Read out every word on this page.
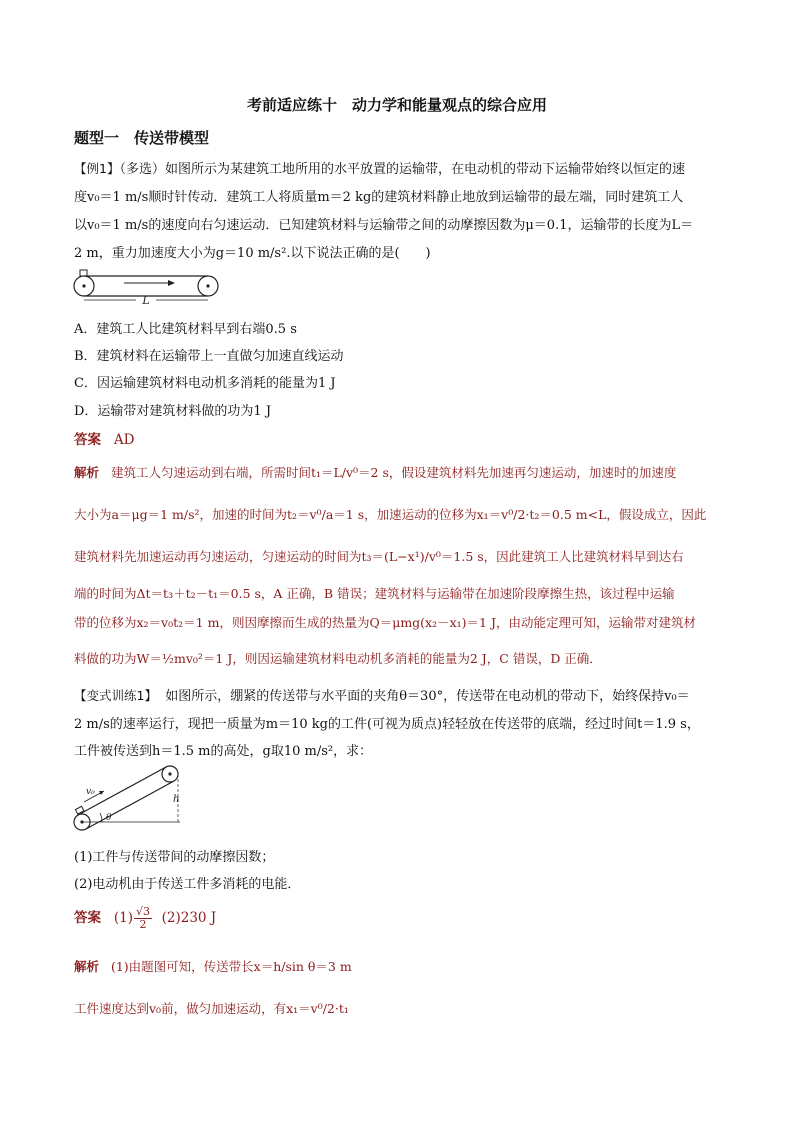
考前适应练十　动力学和能量观点的综合应用
题型一　传送带模型
【例1】（多选）如图所示为某建筑工地所用的水平放置的运输带，在电动机的带动下运输带始终以恒定的速
度v₀＝1 m/s顺时针传动．建筑工人将质量m＝2 kg的建筑材料静止地放到运输带的最左端，同时建筑工人
以v₀＝1 m/s的速度向右匀速运动．已知建筑材料与运输带之间的动摩擦因数为μ＝0.1，运输带的长度为L＝
2 m，重力加速度大小为g＝10 m/s².以下说法正确的是(　　)
L
A．建筑工人比建筑材料早到右端0.5 s
B．建筑材料在运输带上一直做匀加速直线运动
C．因运输建筑材料电动机多消耗的能量为1 J
D．运输带对建筑材料做的功为1 J
答案 AD
解析 建筑工人匀速运动到右端，所需时间t₁＝L/v⁰＝2 s，假设建筑材料先加速再匀速运动，加速时的加速度
大小为a＝μg＝1 m/s²，加速的时间为t₂＝v⁰/a＝1 s，加速运动的位移为x₁＝v⁰/2·t₂＝0.5 m<L，假设成立，因此
建筑材料先加速运动再匀速运动，匀速运动的时间为t₃＝(L−x¹)/v⁰＝1.5 s，因此建筑工人比建筑材料早到达右
端的时间为Δt＝t₃＋t₂－t₁＝0.5 s，A 正确，B 错误；建筑材料与运输带在加速阶段摩擦生热，该过程中运输
带的位移为x₂＝v₀t₂＝1 m，则因摩擦而生成的热量为Q＝μmg(x₂－x₁)＝1 J，由动能定理可知，运输带对建筑材
料做的功为W＝½mv₀²＝1 J，则因运输建筑材料电动机多消耗的能量为2 J，C 错误，D 正确．
【变式训练1】 如图所示，绷紧的传送带与水平面的夹角θ＝30°，传送带在电动机的带动下，始终保持v₀＝
2 m/s的速率运行，现把一质量为m＝10 kg的工件(可视为质点)轻轻放在传送带的底端，经过时间t＝1.9 s，
工件被传送到h＝1.5 m的高处，g取10 m/s²，求：
v₀
h
θ
(1)工件与传送带间的动摩擦因数；
(2)电动机由于传送工件多消耗的电能．
答案 $(1) \frac{√3}{2} (2)230$ J
解析 (1)由题图可知，传送带长x＝h/sin θ＝3 m
工件速度达到v₀前，做匀加速运动，有x₁＝v⁰/2·t₁
